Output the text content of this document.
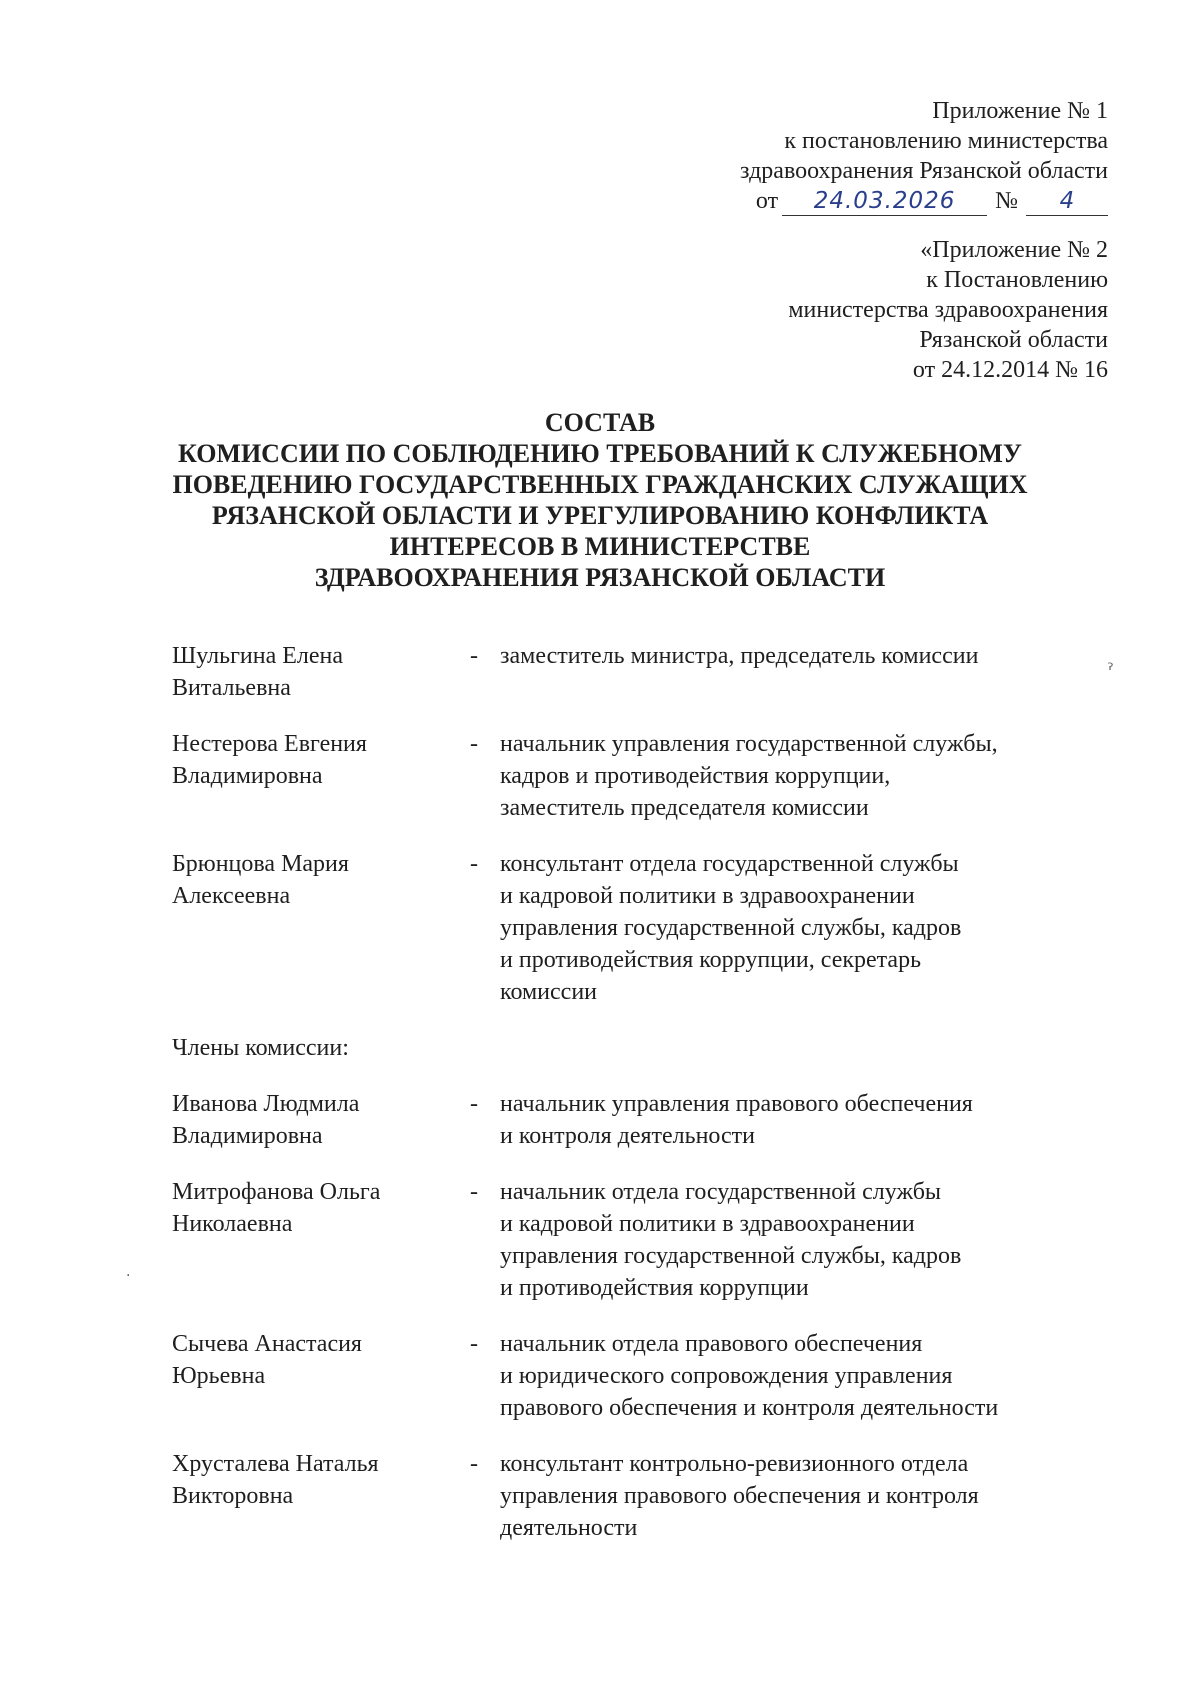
Приложение № 1
к постановлению министерства
здравоохранения Рязанской области
от	24.03.2026	№	4
«Приложение № 2
к Постановлению
министерства здравоохранения
Рязанской области
от 24.12.2014 № 16
СОСТАВ
КОМИССИИ ПО СОБЛЮДЕНИЮ ТРЕБОВАНИЙ К СЛУЖЕБНОМУ
ПОВЕДЕНИЮ ГОСУДАРСТВЕННЫХ ГРАЖДАНСКИХ СЛУЖАЩИХ
РЯЗАНСКОЙ ОБЛАСТИ И УРЕГУЛИРОВАНИЮ КОНФЛИКТА
ИНТЕРЕСОВ В МИНИСТЕРСТВЕ
ЗДРАВООХРАНЕНИЯ РЯЗАНСКОЙ ОБЛАСТИ
Шульгина Елена
Витальевна
- заместитель министра, председатель комиссии
Нестерова Евгения
Владимировна
- начальник управления государственной службы,
кадров и противодействия коррупции,
заместитель председателя комиссии
Брюнцова Мария
Алексеевна
- консультант отдела государственной службы
и кадровой политики в здравоохранении
управления государственной службы, кадров
и противодействия коррупции, секретарь
комиссии
Члены комиссии:
Иванова Людмила
Владимировна
- начальник управления правового обеспечения
и контроля деятельности
Митрофанова Ольга
Николаевна
- начальник отдела государственной службы
и кадровой политики в здравоохранении
управления государственной службы, кадров
и противодействия коррупции
Сычева Анастасия
Юрьевна
- начальник отдела правового обеспечения
и юридического сопровождения управления
правового обеспечения и контроля деятельности
Хрусталева Наталья
Викторовна
- консультант контрольно-ревизионного отдела
управления правового обеспечения и контроля
деятельности
ˀ
·
